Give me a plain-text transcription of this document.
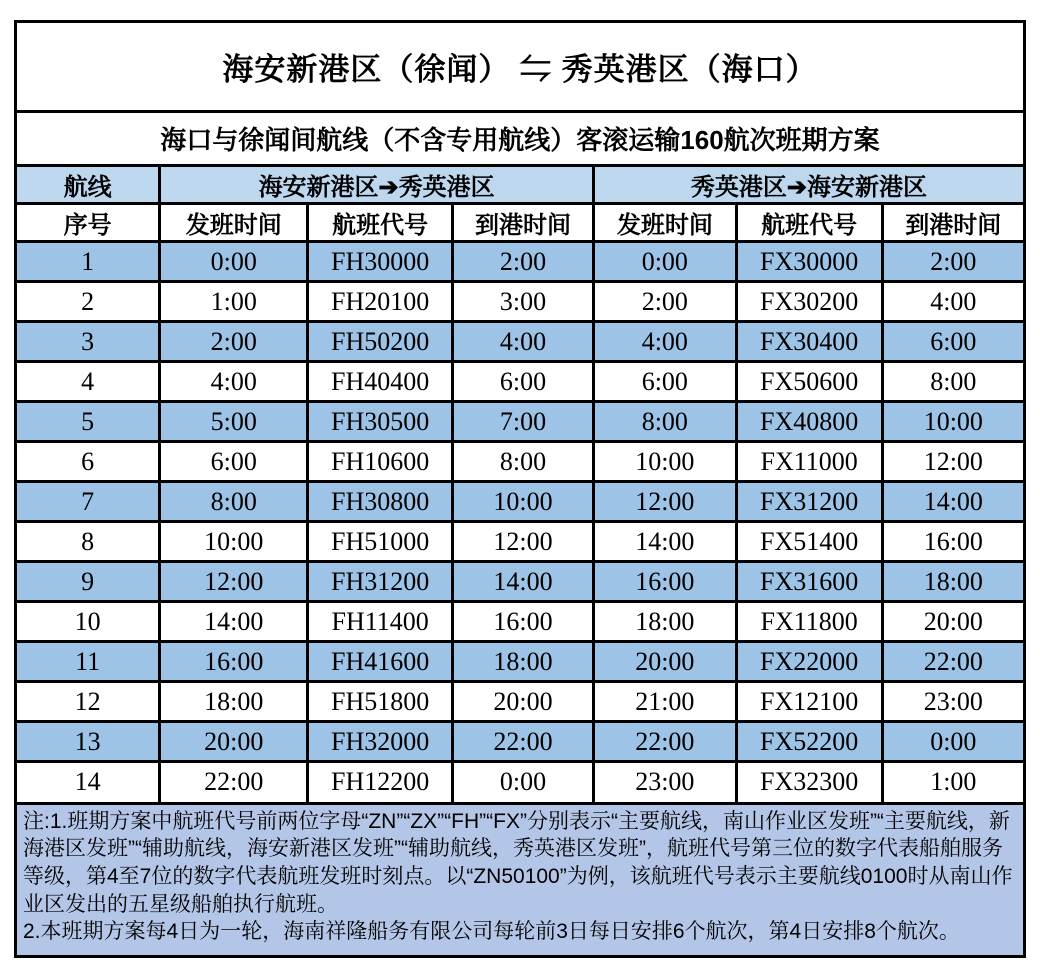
海安新港区（徐闻） ⇋ 秀英港区（海口）
海口与徐闻间航线（不含专用航线）客滚运输160航次班期方案
航线	海安新港区➔秀英港区			秀英港区➔海安新港区		
序号	发班时间	航班代号	到港时间	发班时间	航班代号	到港时间
1	0:00	FH30000	2:00	0:00	FX30000	2:00
2	1:00	FH20100	3:00	2:00	FX30200	4:00
3	2:00	FH50200	4:00	4:00	FX30400	6:00
4	4:00	FH40400	6:00	6:00	FX50600	8:00
5	5:00	FH30500	7:00	8:00	FX40800	10:00
6	6:00	FH10600	8:00	10:00	FX11000	12:00
7	8:00	FH30800	10:00	12:00	FX31200	14:00
8	10:00	FH51000	12:00	14:00	FX51400	16:00
9	12:00	FH31200	14:00	16:00	FX31600	18:00
10	14:00	FH11400	16:00	18:00	FX11800	20:00
11	16:00	FH41600	18:00	20:00	FX22000	22:00
12	18:00	FH51800	20:00	21:00	FX12100	23:00
13	20:00	FH32000	22:00	22:00	FX52200	0:00
14	22:00	FH12200	0:00	23:00	FX32300	1:00

注:1.班期方案中航班代号前两位字母“ZN”“ZX”“FH”“FX”分别表示“主要航线，南山作业区发班”“主要航线，新海港区发班”“辅助航线，海安新港区发班”“辅助航线，秀英港区发班”，航班代号第三位的数字代表船舶服务等级，第4至7位的数字代表航班发班时刻点。以“ZN50100”为例，该航班代号表示主要航线0100时从南山作业区发出的五星级船舶执行航班。

2.本班期方案每4日为一轮，海南祥隆船务有限公司每轮前3日每日安排6个航次，第4日安排8个航次。
